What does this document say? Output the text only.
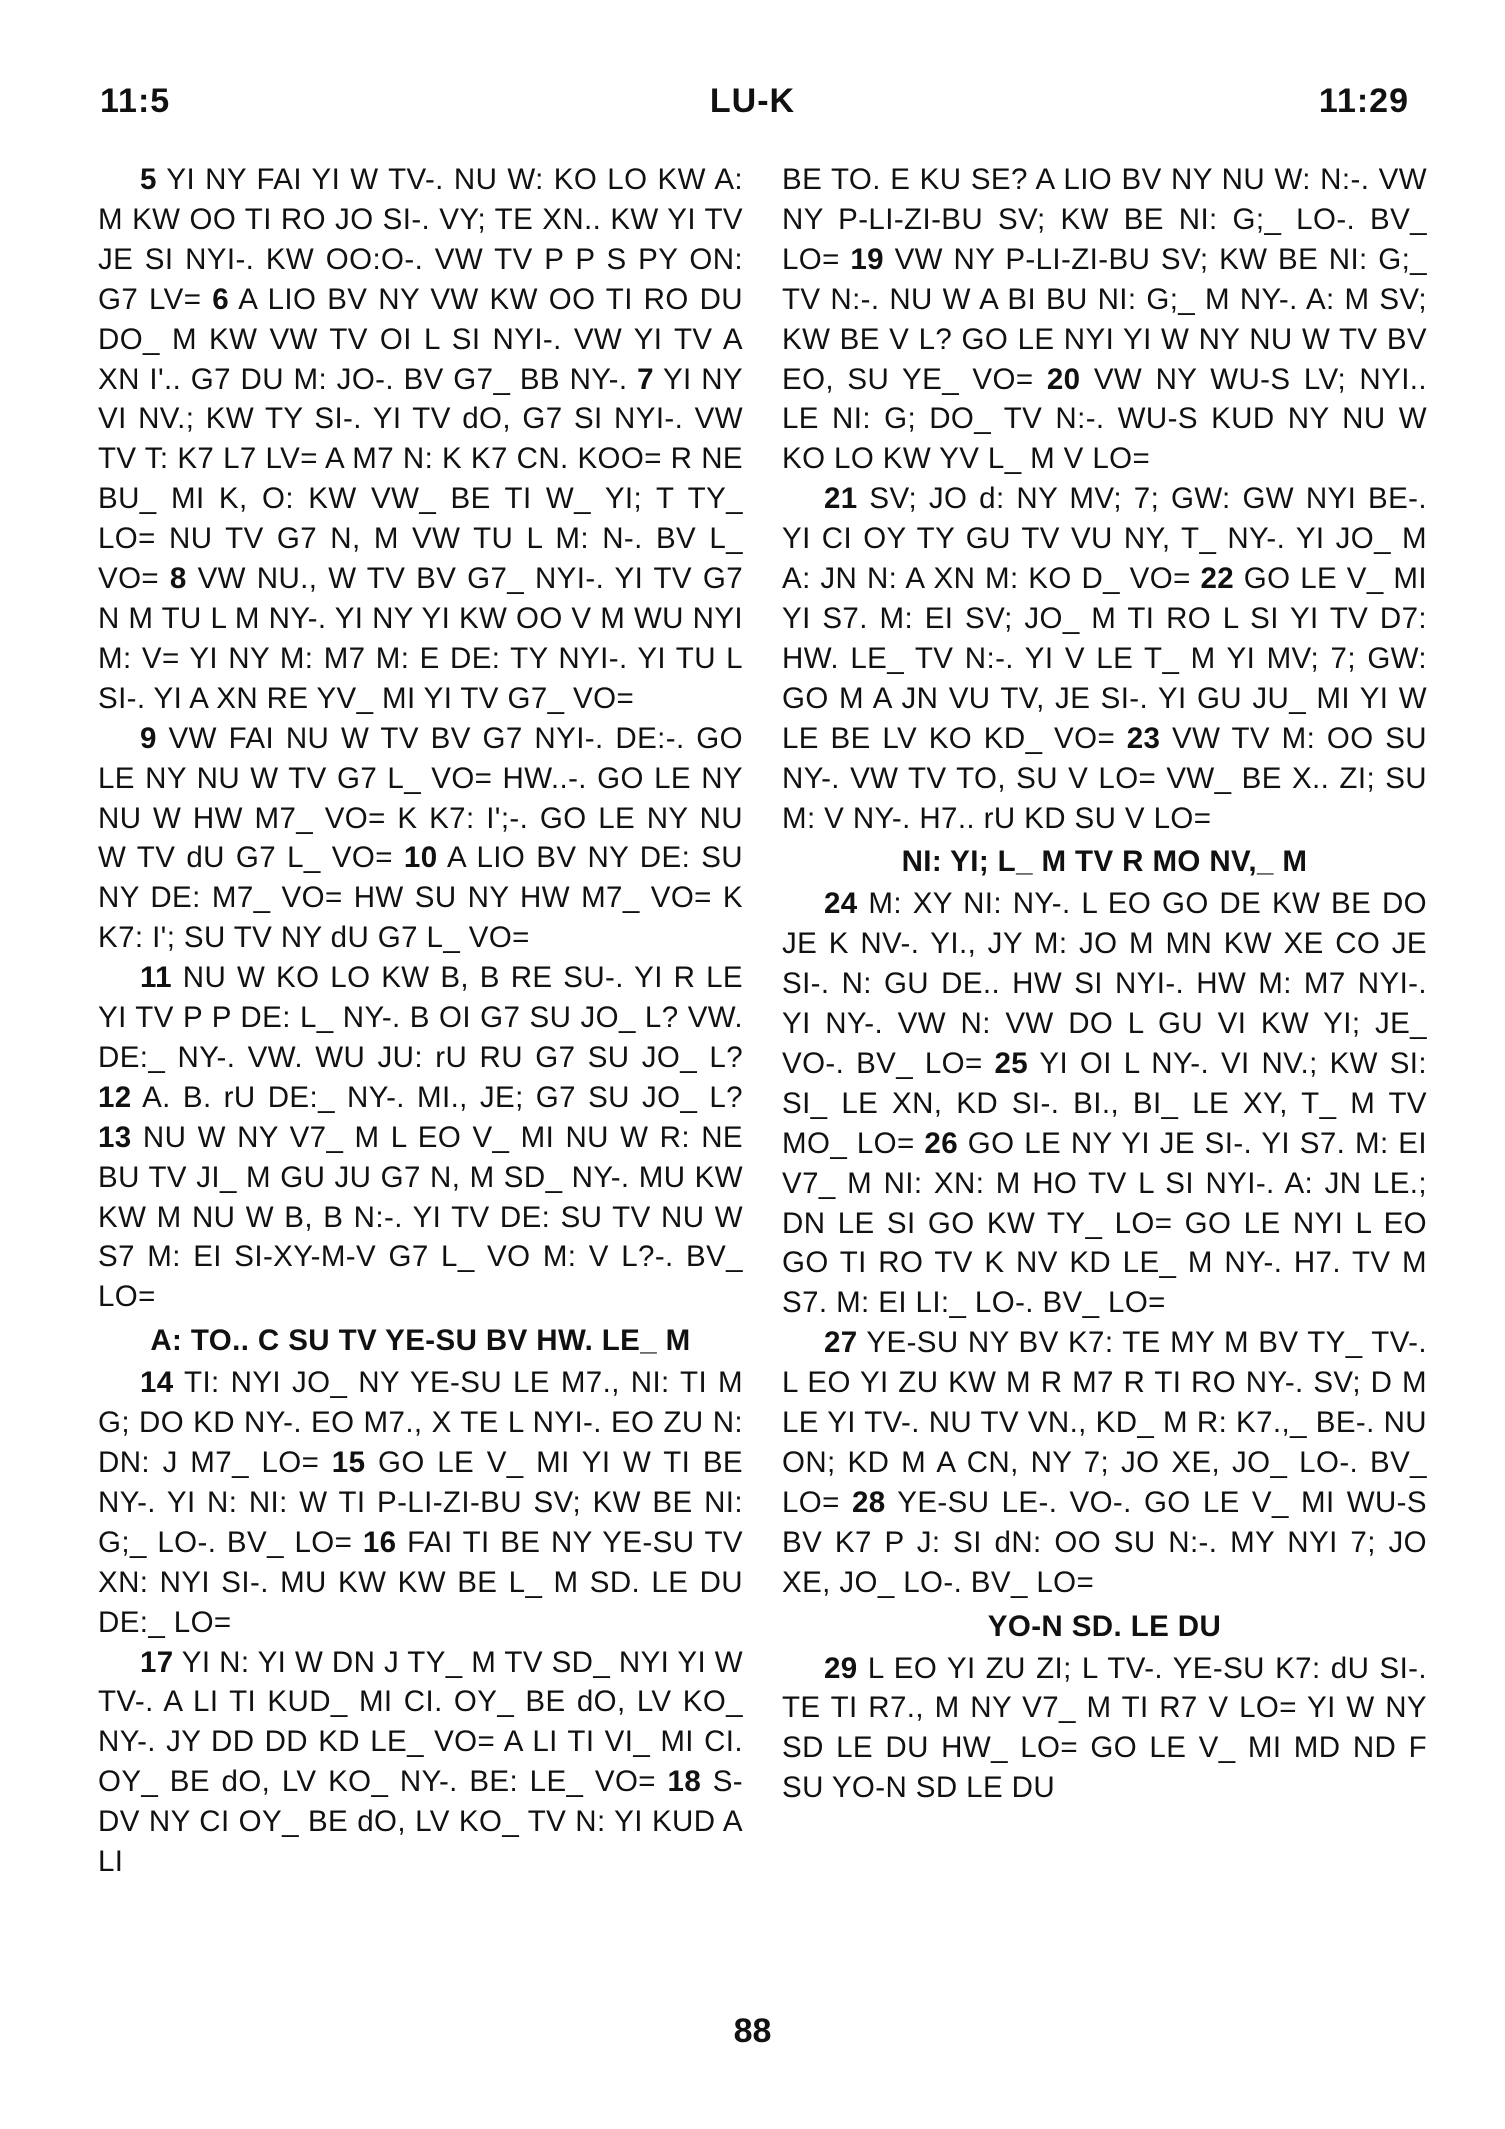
11:5	LU-K	11:29

5 YI NY FAI YI W TV-. NU W: KO LO KW A: M KW OO TI RO JO SI-. VY; TE XN.. KW YI TV JE SI NYI-. KW OO:O-. VW TV P P S PY ON: G7 LV= 6 A LIO BV NY VW KW OO TI RO DU DO_ M KW VW TV OI L SI NYI-. VW YI TV A XN I'.. G7 DU M: JO-. BV G7_ BB NY-. 7 YI NY VI NV.; KW TY SI-. YI TV dO, G7 SI NYI-. VW TV T: K7 L7 LV= A M7 N: K K7 CN. KOO= R NE BU_ MI K, O: KW VW_ BE TI W_ YI; T TY_ LO= NU TV G7 N, M VW TU L M: N-. BV L_ VO= 8 VW NU., W TV BV G7_ NYI-. YI TV G7 N M TU L M NY-. YI NY YI KW OO V M WU NYI M: V= YI NY M: M7 M: E DE: TY NYI-. YI TU L SI-. YI A XN RE YV_ MI YI TV G7_ VO=

9 VW FAI NU W TV BV G7 NYI-. DE:-. GO LE NY NU W TV G7 L_ VO= HW..-. GO LE NY NU W HW M7_ VO= K K7: I';-. GO LE NY NU W TV dU G7 L_ VO= 10 A LIO BV NY DE: SU NY DE: M7_ VO= HW SU NY HW M7_ VO= K K7: I'; SU TV NY dU G7 L_ VO=

11 NU W KO LO KW B, B RE SU-. YI R LE YI TV P P DE: L_ NY-. B OI G7 SU JO_ L? VW. DE:_ NY-. VW. WU JU: rU RU G7 SU JO_ L? 12 A. B. rU DE:_ NY-. MI., JE; G7 SU JO_ L? 13 NU W NY V7_ M L EO V_ MI NU W R: NE BU TV JI_ M GU JU G7 N, M SD_ NY-. MU KW KW M NU W B, B N:-. YI TV DE: SU TV NU W S7 M: EI SI-XY-M-V G7 L_ VO M: V L?-. BV_ LO=

A: TO.. C SU TV YE-SU BV HW. LE_ M

14 TI: NYI JO_ NY YE-SU LE M7., NI: TI M G; DO KD NY-. EO M7., X TE L NYI-. EO ZU N: DN: J M7_ LO= 15 GO LE V_ MI YI W TI BE NY-. YI N: NI: W TI P-LI-ZI-BU SV; KW BE NI: G;_ LO-. BV_ LO= 16 FAI TI BE NY YE-SU TV XN: NYI SI-. MU KW KW BE L_ M SD. LE DU DE:_ LO=

17 YI N: YI W DN J TY_ M TV SD_ NYI YI W TV-. A LI TI KUD_ MI CI. OY_ BE dO, LV KO_ NY-. JY DD DD KD LE_ VO= A LI TI VI_ MI CI. OY_ BE dO, LV KO_ NY-. BE: LE_ VO= 18 S-DV NY CI OY_ BE dO, LV KO_ TV N: YI KUD A LI

BE TO. E KU SE? A LIO BV NY NU W: N:-. VW NY P-LI-ZI-BU SV; KW BE NI: G;_ LO-. BV_ LO= 19 VW NY P-LI-ZI-BU SV; KW BE NI: G;_ TV N:-. NU W A BI BU NI: G;_ M NY-. A: M SV; KW BE V L? GO LE NYI YI W NY NU W TV BV EO, SU YE_ VO= 20 VW NY WU-S LV; NYI.. LE NI: G; DO_ TV N:-. WU-S KUD NY NU W KO LO KW YV L_ M V LO=

21 SV; JO d: NY MV; 7; GW: GW NYI BE-. YI CI OY TY GU TV VU NY, T_ NY-. YI JO_ M A: JN N: A XN M: KO D_ VO= 22 GO LE V_ MI YI S7. M: EI SV; JO_ M TI RO L SI YI TV D7: HW. LE_ TV N:-. YI V LE T_ M YI MV; 7; GW: GO M A JN VU TV, JE SI-. YI GU JU_ MI YI W LE BE LV KO KD_ VO= 23 VW TV M: OO SU NY-. VW TV TO, SU V LO= VW_ BE X.. ZI; SU M: V NY-. H7.. rU KD SU V LO=

NI: YI; L_ M TV R MO NV,_ M

24 M: XY NI: NY-. L EO GO DE KW BE DO JE K NV-. YI., JY M: JO M MN KW XE CO JE SI-. N: GU DE.. HW SI NYI-. HW M: M7 NYI-. YI NY-. VW N: VW DO L GU VI KW YI; JE_ VO-. BV_ LO= 25 YI OI L NY-. VI NV.; KW SI: SI_ LE XN, KD SI-. BI., BI_ LE XY, T_ M TV MO_ LO= 26 GO LE NY YI JE SI-. YI S7. M: EI V7_ M NI: XN: M HO TV L SI NYI-. A: JN LE.; DN LE SI GO KW TY_ LO= GO LE NYI L EO GO TI RO TV K NV KD LE_ M NY-. H7. TV M S7. M: EI LI:_ LO-. BV_ LO=

27 YE-SU NY BV K7: TE MY M BV TY_ TV-. L EO YI ZU KW M R M7 R TI RO NY-. SV; D M LE YI TV-. NU TV VN., KD_ M R: K7.,_ BE-. NU ON; KD M A CN, NY 7; JO XE, JO_ LO-. BV_ LO= 28 YE-SU LE-. VO-. GO LE V_ MI WU-S BV K7 P J: SI dN: OO SU N:-. MY NYI 7; JO XE, JO_ LO-. BV_ LO=

YO-N SD. LE DU

29 L EO YI ZU ZI; L TV-. YE-SU K7: dU SI-. TE TI R7., M NY V7_ M TI R7 V LO= YI W NY SD LE DU HW_ LO= GO LE V_ MI MD ND F SU YO-N SD LE DU

88
